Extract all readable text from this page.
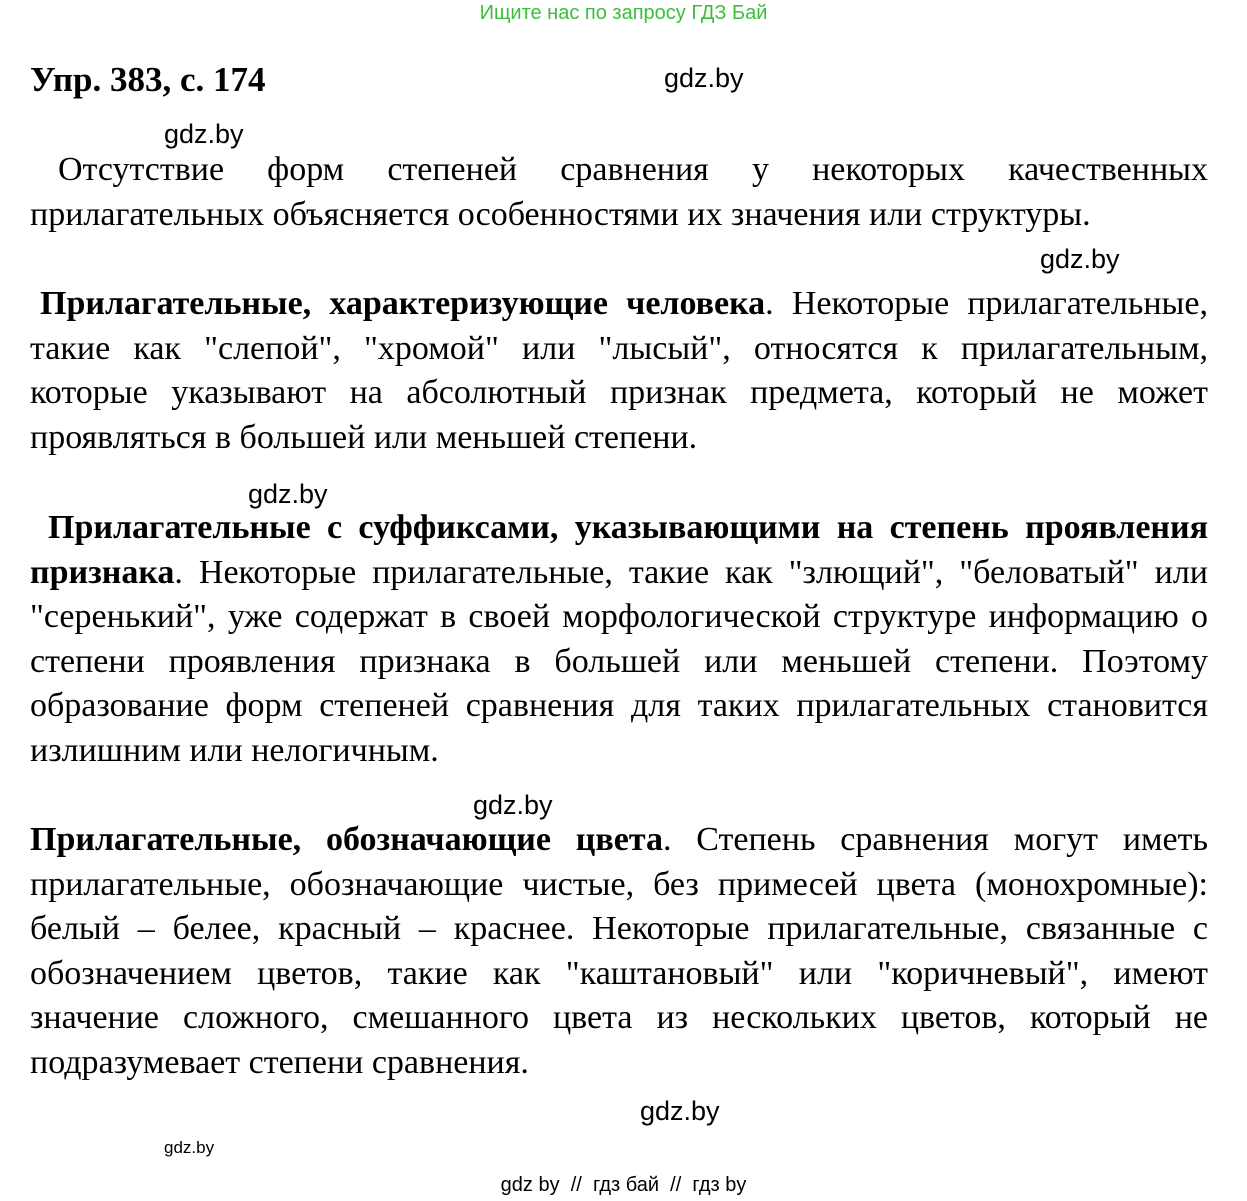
Ищите нас по запросу ГДЗ Бай
Упр. 383, с. 174	gdz.by
gdz.by
gdz.by
gdz.by
gdz.by
gdz.by
gdz.by

Отсутствие форм степеней сравнения у некоторых качественных прилагательных объясняется особенностями их значения или структуры.

Прилагательные, характеризующие человека. Некоторые прилагательные, такие как "слепой", "хромой" или "лысый", относятся к прилагательным, которые указывают на абсолютный признак предмета, который не может проявляться в большей или меньшей степени.

Прилагательные с суффиксами, указывающими на степень проявления признака. Некоторые прилагательные, такие как "злющий", "беловатый" или "серенький", уже содержат в своей морфологической структуре информацию о степени проявления признака в большей или меньшей степени. Поэтому образование форм степеней сравнения для таких прилагательных становится излишним или нелогичным.

Прилагательные, обозначающие цвета. Степень сравнения могут иметь прилагательные, обозначающие чистые, без примесей цвета (монохромные): белый – белее, красный – краснее. Некоторые прилагательные, связанные с обозначением цветов, такие как "каштановый" или "коричневый", имеют значение сложного, смешанного цвета из нескольких цветов, который не подразумевает степени сравнения.

gdz by // гдз бай // гдз by
